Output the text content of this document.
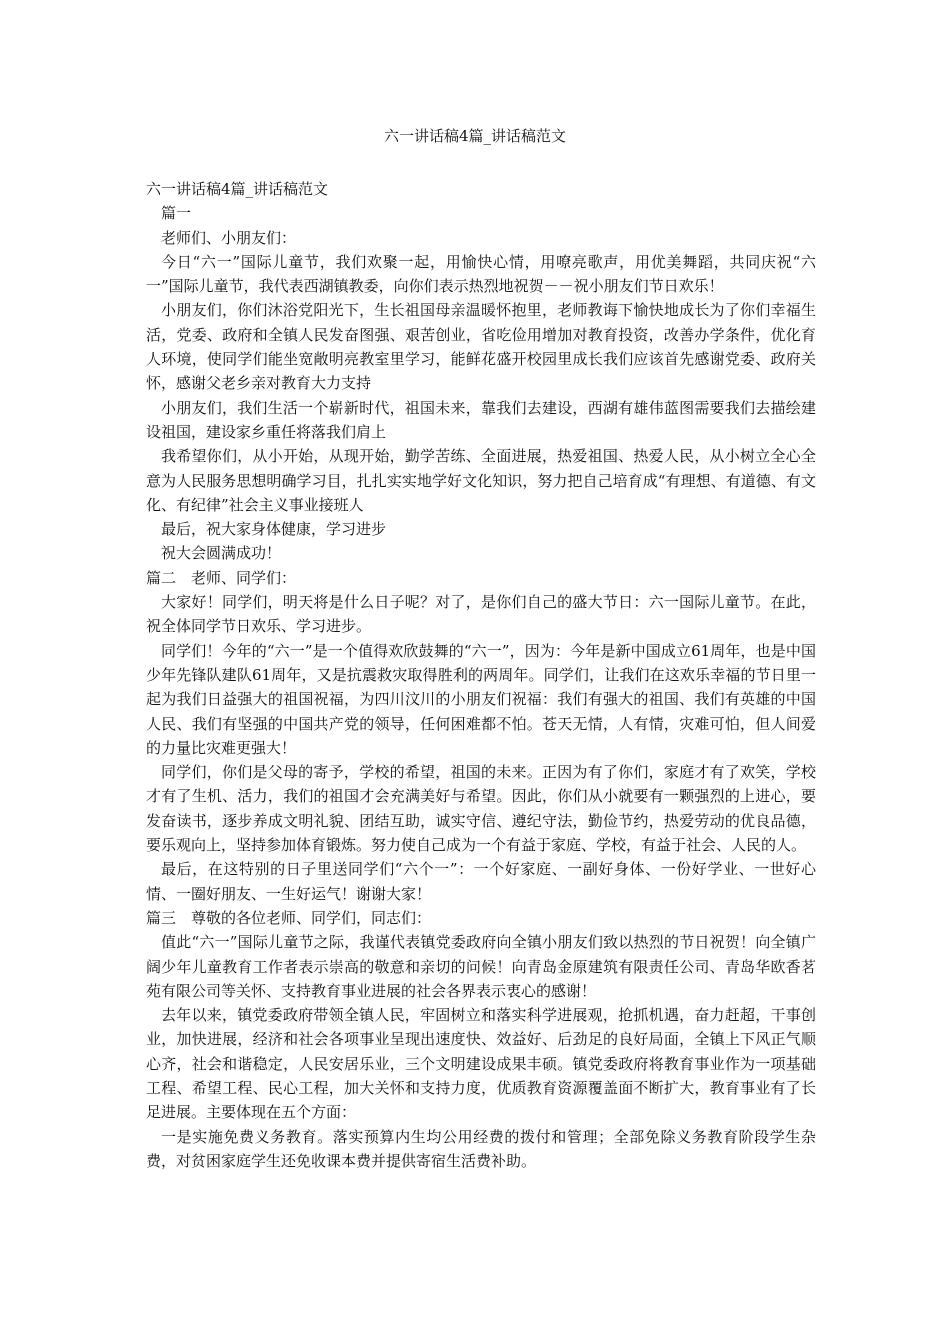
六一讲话稿4篇_讲话稿范文

六一讲话稿4篇_讲话稿范文

篇一

老师们、小朋友们：

今日“六一”国际儿童节，我们欢聚一起，用愉快心情，用嘹亮歌声，用优美舞蹈，共同庆祝“六一”国际儿童节，我代表西湖镇教委，向你们表示热烈地祝贺－－祝小朋友们节日欢乐！

小朋友们，你们沐浴党阳光下，生长祖国母亲温暖怀抱里，老师教诲下愉快地成长为了你们幸福生活，党委、政府和全镇人民发奋图强、艰苦创业，省吃俭用增加对教育投资，改善办学条件，优化育人环境，使同学们能坐宽敞明亮教室里学习，能鲜花盛开校园里成长我们应该首先感谢党委、政府关怀，感谢父老乡亲对教育大力支持

小朋友们，我们生活一个崭新时代，祖国未来，靠我们去建设，西湖有雄伟蓝图需要我们去描绘建设祖国，建设家乡重任将落我们肩上

我希望你们，从小开始，从现开始，勤学苦练、全面进展，热爱祖国、热爱人民，从小树立全心全意为人民服务思想明确学习目，扎扎实实地学好文化知识，努力把自己培育成“有理想、有道德、有文化、有纪律”社会主义事业接班人

最后，祝大家身体健康，学习进步

祝大会圆满成功！

篇二　老师、同学们：

大家好！同学们，明天将是什么日子呢？对了，是你们自己的盛大节日：六一国际儿童节。在此，祝全体同学节日欢乐、学习进步。

同学们！今年的“六一”是一个值得欢欣鼓舞的“六一”，因为：今年是新中国成立61周年，也是中国少年先锋队建队61周年，又是抗震救灾取得胜利的两周年。同学们，让我们在这欢乐幸福的节日里一起为我们日益强大的祖国祝福，为四川汶川的小朋友们祝福：我们有强大的祖国、我们有英雄的中国人民、我们有坚强的中国共产党的领导，任何困难都不怕。苍天无情，人有情，灾难可怕，但人间爱的力量比灾难更强大！

同学们，你们是父母的寄予，学校的希望，祖国的未来。正因为有了你们，家庭才有了欢笑，学校才有了生机、活力，我们的祖国才会充满美好与希望。因此，你们从小就要有一颗强烈的上进心，要发奋读书，逐步养成文明礼貌、团结互助，诚实守信、遵纪守法，勤俭节约，热爱劳动的优良品德，要乐观向上，坚持参加体育锻炼。努力使自己成为一个有益于家庭、学校，有益于社会、人民的人。

最后，在这特别的日子里送同学们“六个一”：一个好家庭、一副好身体、一份好学业、一世好心情、一圈好朋友、一生好运气！谢谢大家！

篇三　尊敬的各位老师、同学们，同志们：

值此“六一”国际儿童节之际，我谨代表镇党委政府向全镇小朋友们致以热烈的节日祝贺！向全镇广阔少年儿童教育工作者表示崇高的敬意和亲切的问候！向青岛金原建筑有限责任公司、青岛华欧香茗苑有限公司等关怀、支持教育事业进展的社会各界表示衷心的感谢！

去年以来，镇党委政府带领全镇人民，牢固树立和落实科学进展观，抢抓机遇，奋力赶超，干事创业，加快进展，经济和社会各项事业呈现出速度快、效益好、后劲足的良好局面，全镇上下风正气顺心齐，社会和谐稳定，人民安居乐业，三个文明建设成果丰硕。镇党委政府将教育事业作为一项基础工程、希望工程、民心工程，加大关怀和支持力度，优质教育资源覆盖面不断扩大，教育事业有了长足进展。主要体现在五个方面：

一是实施免费义务教育。落实预算内生均公用经费的拨付和管理；全部免除义务教育阶段学生杂费，对贫困家庭学生还免收课本费并提供寄宿生活费补助。
